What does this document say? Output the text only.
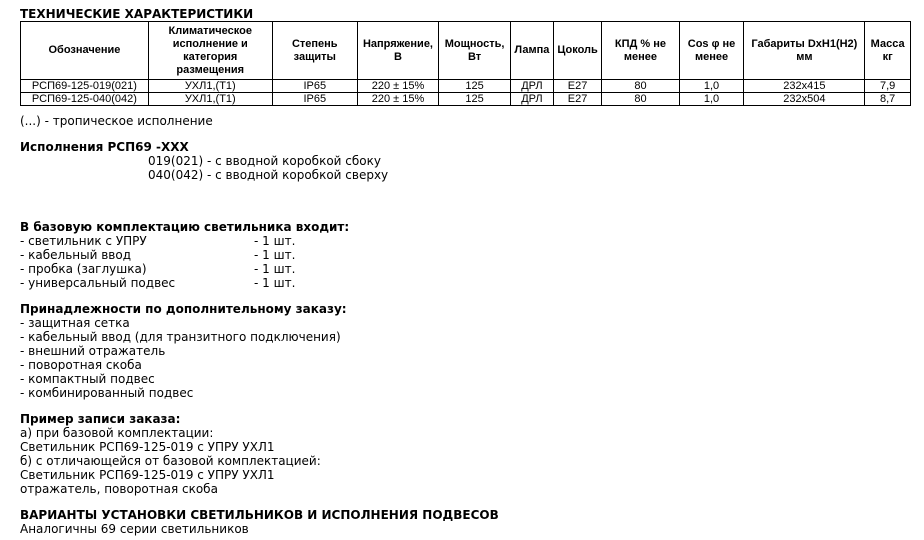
ТЕХНИЧЕСКИЕ ХАРАКТЕРИСТИКИ
Обозначение	Климатическое исполнение и категория размещения	Степень защиты	Напряжение, В	Мощность, Вт	Лампа	Цоколь	КПД % не менее	Cos φ не менее	Габариты DxH1(H2) мм	Масса кг
РСП69-125-019(021)	УХЛ1,(Т1)	IP65	220 ± 15%	125	ДРЛ	E27	80	1,0	232x415	7,9
РСП69-125-040(042)	УХЛ1,(Т1)	IP65	220 ± 15%	125	ДРЛ	E27	80	1,0	232x504	8,7
(...) - тропическое исполнение
Исполнения РСП69 -XXX
019(021) - с вводной коробкой сбоку
040(042) - с вводной коробкой сверху
В базовую комплектацию светильника входит:
- светильник с УПРУ	- 1 шт.
- кабельный ввод	- 1 шт.
- пробка (заглушка)	- 1 шт.
- универсальный подвес	- 1 шт.
Принадлежности по дополнительному заказу:
- защитная сетка
- кабельный ввод (для транзитного подключения)
- внешний отражатель
- поворотная скоба
- компактный подвес
- комбинированный подвес
Пример записи заказа:
а) при базовой комплектации:
Светильник РСП69-125-019 с УПРУ УХЛ1
б) с отличающейся от базовой комплектацией:
Светильник РСП69-125-019 с УПРУ УХЛ1
отражатель, поворотная скоба
ВАРИАНТЫ УСТАНОВКИ СВЕТИЛЬНИКОВ И ИСПОЛНЕНИЯ ПОДВЕСОВ
Аналогичны 69 серии светильников
